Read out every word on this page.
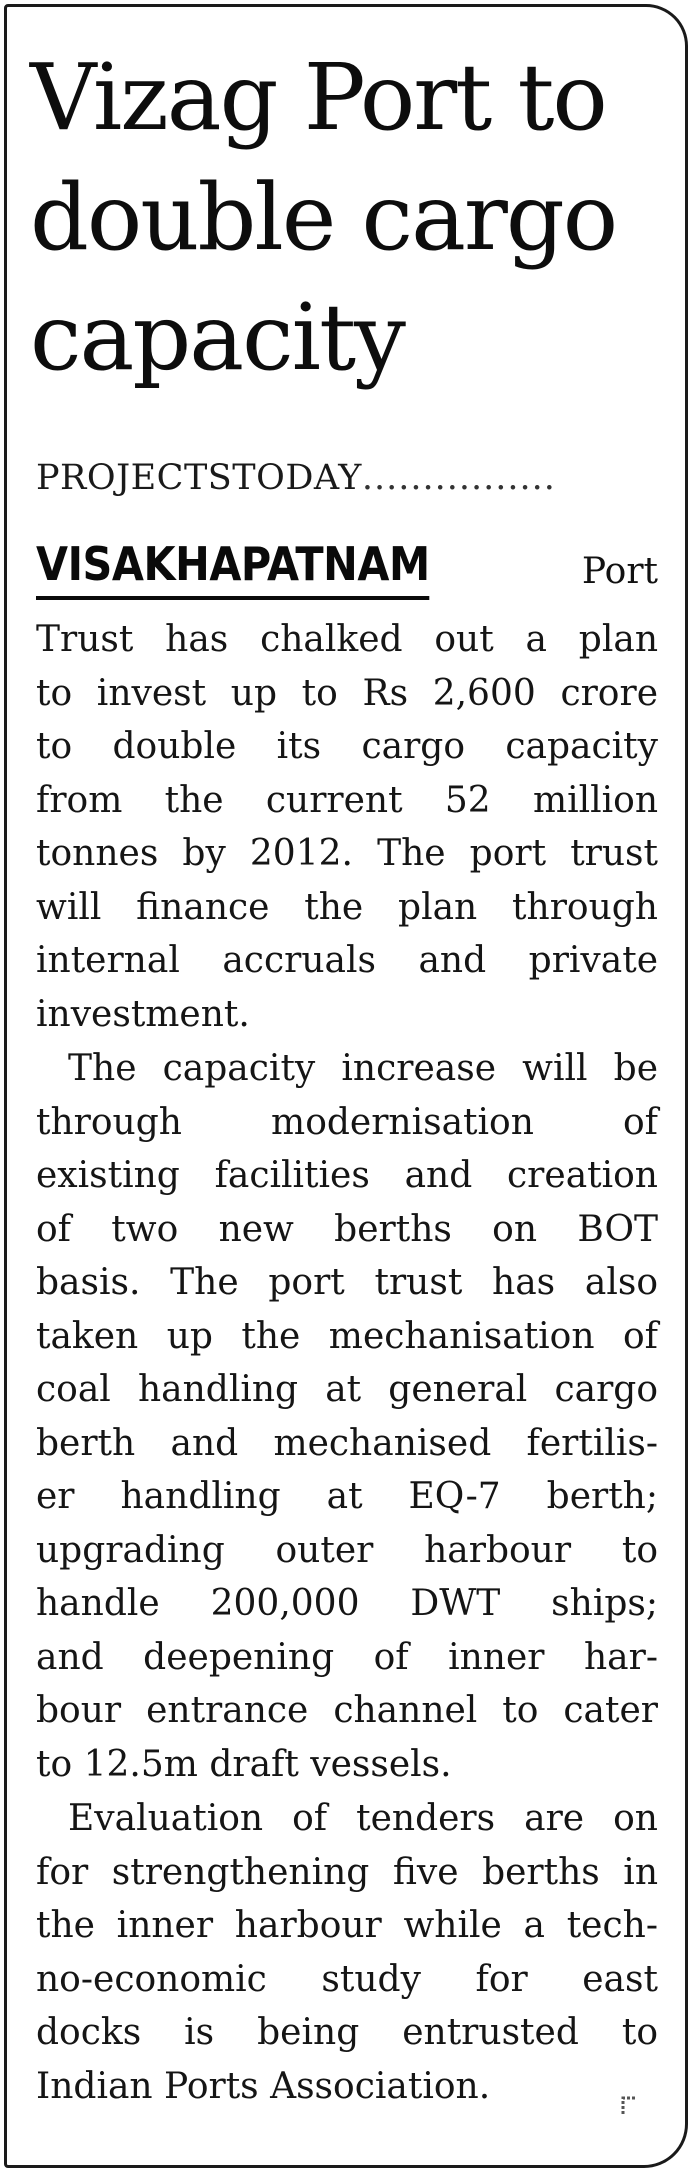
Vizag Port to
double cargo
capacity
PROJECTSTODAY................
VISAKHAPATNAM	Port
Trust has chalked out a plan
to invest up to Rs 2,600 crore
to double its cargo capacity
from the current 52 million
tonnes by 2012. The port trust
will finance the plan through
internal accruals and private
investment.
The capacity increase will be
through modernisation of
existing facilities and creation
of two new berths on BOT
basis. The port trust has also
taken up the mechanisation of
coal handling at general cargo
berth and mechanised fertilis-
er handling at EQ-7 berth;
upgrading outer harbour to
handle 200,000 DWT ships;
and deepening of inner har-
bour entrance channel to cater
to 12.5m draft vessels.
Evaluation of tenders are on
for strengthening five berths in
the inner harbour while a tech-
no-economic study for east
docks is being entrusted to
Indian Ports Association.
